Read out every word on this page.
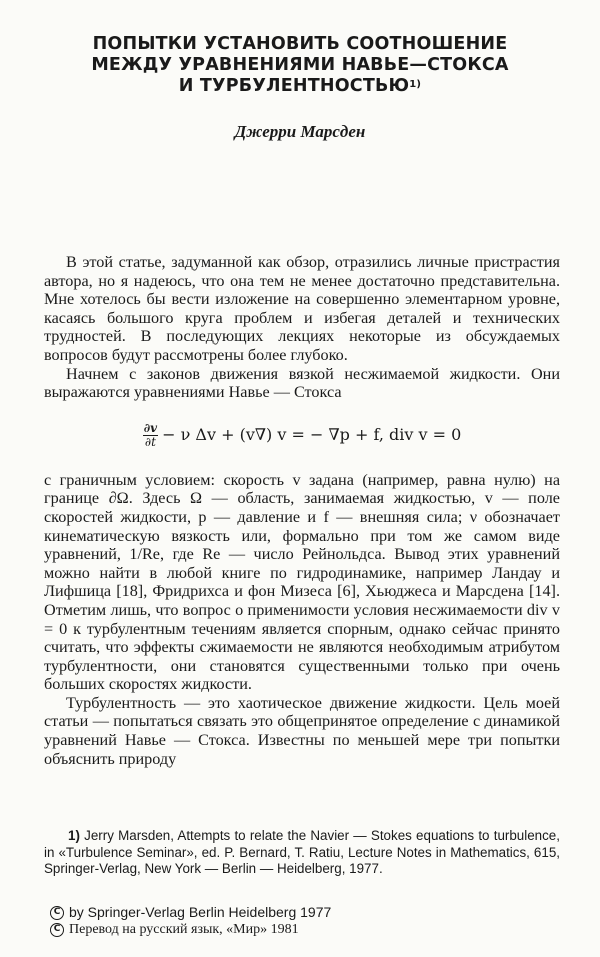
ПОПЫТКИ УСТАНОВИТЬ СООТНОШЕНИЕ
МЕЖДУ УРАВНЕНИЯМИ НАВЬЕ—СТОКСА
И ТУРБУЛЕНТНОСТЬЮ$^{1)}$
Джерри Марсден

В этой статье, задуманной как обзор, отразились личные пристрастия автора, но я надеюсь, что она тем не менее достаточно представительна. Мне хотелось бы вести изложение на совершенно элементарном уровне, касаясь большого круга проблем и избегая деталей и технических трудностей. В последующих лекциях некоторые из обсуждаемых вопросов будут рассмотрены более глубоко.

Начнем с законов движения вязкой несжимаемой жидкости. Они выражаются уравнениями Навье — Стокса

$\frac{\partial v}{\partial t} - \nu$ Δv + (v∇) v = − ∇p + f, div v = 0

с граничным условием: скорость v задана (например, равна нулю) на границе ∂Ω. Здесь Ω — область, занимаемая жидкостью, v — поле скоростей жидкости, p — давление и f — внешняя сила; ν обозначает кинематическую вязкость или, формально при том же самом виде уравнений, 1/Re, где Re — число Рейнольдса. Вывод этих уравнений можно найти в любой книге по гидродинамике, например Ландау и Лифшица [18], Фридрихса и фон Мизеса [6], Хьюджеса и Марсдена [14]. Отметим лишь, что вопрос о применимости условия несжимаемости div v = 0 к турбулентным течениям является спорным, однако сейчас принято считать, что эффекты сжимаемости не являются необходимым атрибутом турбулентности, они становятся существенными только при очень больших скоростях жидкости.

Турбулентность — это хаотическое движение жидкости. Цель моей статьи — попытаться связать это общепринятое определение с динамикой уравнений Навье — Стокса. Известны по меньшей мере три попытки объяснить природу

1) Jerry Marsden, Attempts to relate the Navier — Stokes equations to turbulence, in «Turbulence Seminar», ed. P. Bernard, T. Ratiu, Lecture Notes in Mathematics, 615, Springer-Verlag, New York — Berlin — Heidelberg, 1977.

C by Springer-Verlag Berlin Heidelberg 1977
C Перевод на русский язык, «Мир» 1981
